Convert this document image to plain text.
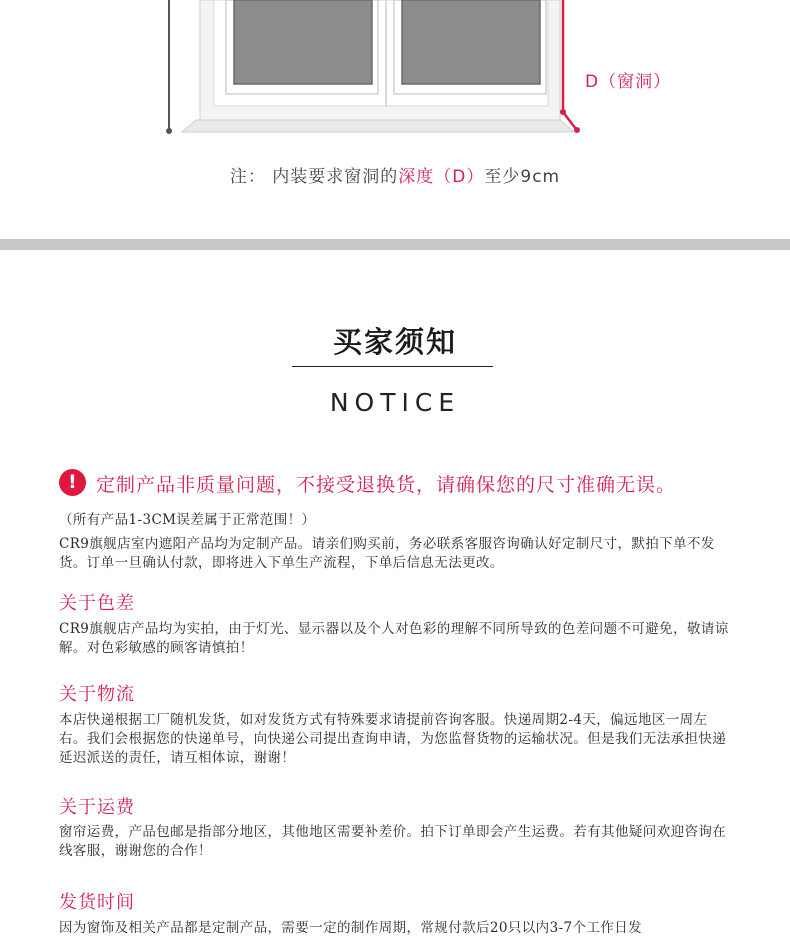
D（窗洞）
注： 内装要求窗洞的深度（D）至少9cm
买家须知
NOTICE
!	定制产品非质量问题，不接受退换货，请确保您的尺寸准确无误。
（所有产品1-3CM误差属于正常范围！）
CR9旗舰店室内遮阳产品均为定制产品。请亲们购买前，务必联系客服咨询确认好定制尺寸，默拍下单不发货。订单一旦确认付款，即将进入下单生产流程，下单后信息无法更改。
关于色差
CR9旗舰店产品均为实拍，由于灯光、显示器以及个人对色彩的理解不同所导致的色差问题不可避免，敬请谅解。对色彩敏感的顾客请慎拍！
关于物流
本店快递根据工厂随机发货，如对发货方式有特殊要求请提前咨询客服。快递周期2-4天，偏远地区一周左右。我们会根据您的快递单号，向快递公司提出查询申请，为您监督货物的运输状况。但是我们无法承担快递延迟派送的责任，请互相体谅，谢谢！
关于运费
窗帘运费，产品包邮是指部分地区，其他地区需要补差价。拍下订单即会产生运费。若有其他疑问欢迎咨询在线客服，谢谢您的合作！
发货时间
因为窗饰及相关产品都是定制产品，需要一定的制作周期，常规付款后20只以内3-7个工作日发
